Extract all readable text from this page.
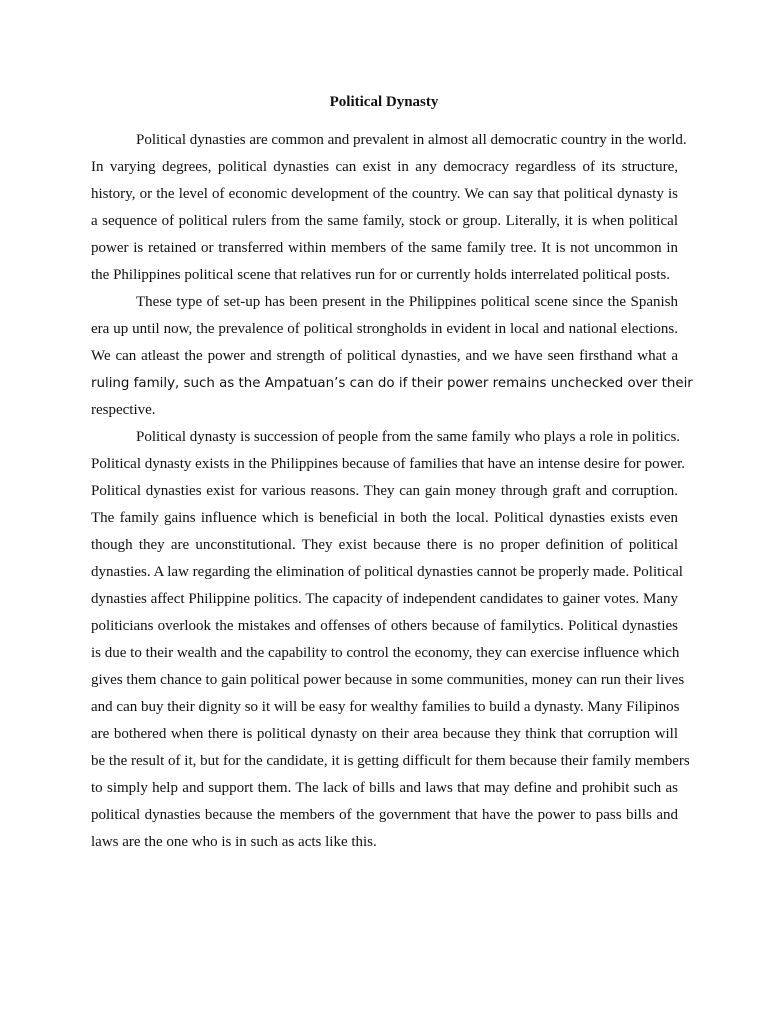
Political Dynasty

Political dynasties are common and prevalent in almost all democratic country in the world.
In varying degrees, political dynasties can exist in any democracy regardless of its structure,
history, or the level of economic development of the country. We can say that political dynasty is
a sequence of political rulers from the same family, stock or group. Literally, it is when political
power is retained or transferred within members of the same family tree. It is not uncommon in
the Philippines political scene that relatives run for or currently holds interrelated political posts.

These type of set-up has been present in the Philippines political scene since the Spanish
era up until now, the prevalence of political strongholds in evident in local and national elections.
We can atleast the power and strength of political dynasties, and we have seen firsthand what a
ruling family, such as the Ampatuan’s can do if their power remains unchecked over their
respective.

Political dynasty is succession of people from the same family who plays a role in politics.
Political dynasty exists in the Philippines because of families that have an intense desire for power.
Political dynasties exist for various reasons. They can gain money through graft and corruption.
The family gains influence which is beneficial in both the local. Political dynasties exists even
though they are unconstitutional. They exist because there is no proper definition of political
dynasties. A law regarding the elimination of political dynasties cannot be properly made. Political
dynasties affect Philippine politics. The capacity of independent candidates to gainer votes. Many
politicians overlook the mistakes and offenses of others because of familytics. Political dynasties
is due to their wealth and the capability to control the economy, they can exercise influence which
gives them chance to gain political power because in some communities, money can run their lives
and can buy their dignity so it will be easy for wealthy families to build a dynasty. Many Filipinos
are bothered when there is political dynasty on their area because they think that corruption will
be the result of it, but for the candidate, it is getting difficult for them because their family members
to simply help and support them. The lack of bills and laws that may define and prohibit such as
political dynasties because the members of the government that have the power to pass bills and
laws are the one who is in such as acts like this.
